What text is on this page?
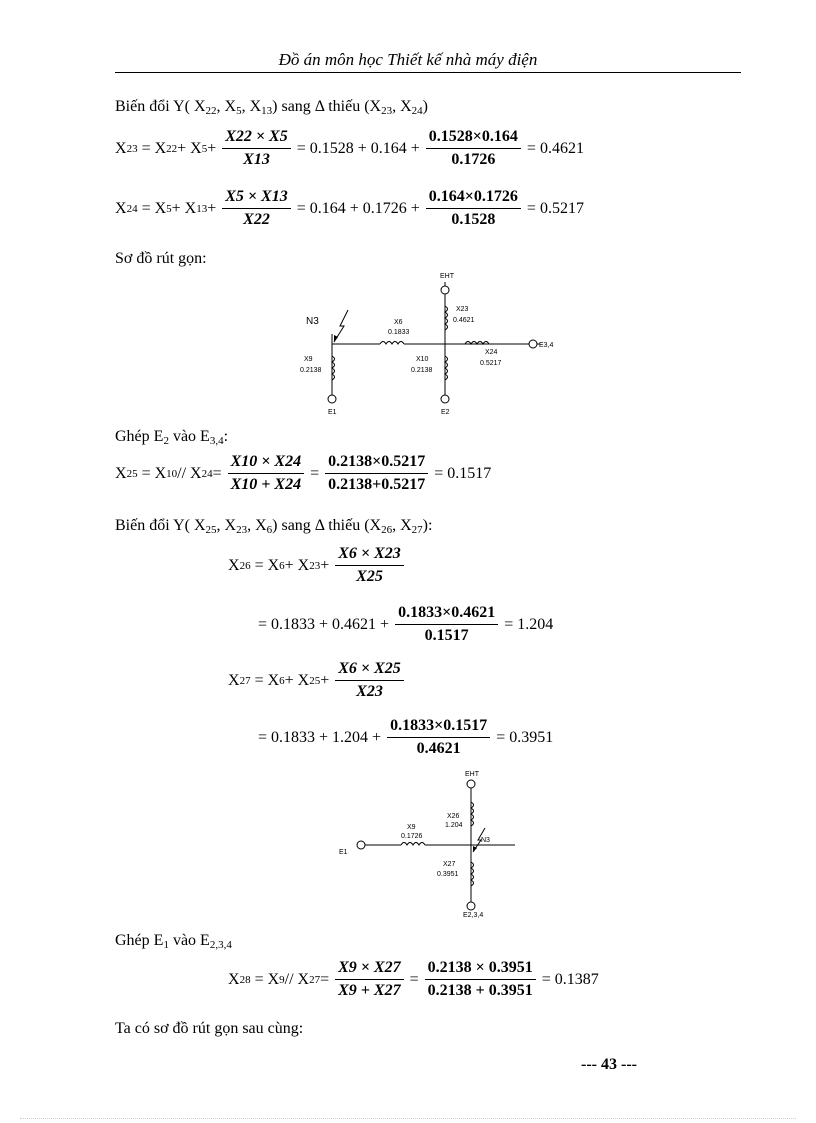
Đồ án môn học Thiết kế nhà máy điện
Biến đổi Y( $X_{22}$, $X_5$, $X_{13}$) sang Δ thiếu ($X_{23}$, $X_{24}$)
X 23
= X 22 + X $5 + \frac{X22 \times X5}{X13} = 0.1528 + 0.164 + \frac{0.1528\times 0.164}{0.1726} = 0.4621$
X 24
= X 5 + X $13 + \frac{X5 \times X13}{X22} = 0.164 + 0.1726 + \frac{0.164\times 0.1726}{0.1528} = 0.5217$
Sơ đồ rút gọn:
EHT
N3	X6
0.1833
X23
0.4621
X9
0.2138
X10
0.2138
X24
0.5217
E3,4
E1	E2
Ghép $E_2$ vào $E_{3,4}$:
X 25
= X 10 // X $24 = \frac{X10 \times X24}{X10 + X24} = \frac{0.2138\times 0.5217}{0.2138+0.5217} = 0.1517$
Biến đổi Y( $X_{25}$, $X_{23}$, $X_6$) sang Δ thiếu ($X_{26}$, $X_{27}$):
X 26
= X 6 + X $23 + \frac{X6 \times X23}{X25}$
= $0.1833 + 0.4621 + \frac{0.1833\times 0.4621}{0.1517} = 1.204$
X 27
= X 6 + X $25 + \frac{X6 \times X25}{X23}$
= $0.1833 + 1.204 + \frac{0.1833\times 0.1517}{0.4621} = 0.3951$
EHT
E1
X9
0.1726
X26
1.204
N3
X27
0.3951
E2,3,4
Ghép $E_1$ vào $E_{2,3,4}$
X 28
= X 9 // X $27 = \frac{X9 \times X27}{X9 + X27} = \frac{0.2138 \times 0.3951}{0.2138 + 0.3951} = 0.1387$
Ta có sơ đồ rút gọn sau cùng:
--- 43 ---
